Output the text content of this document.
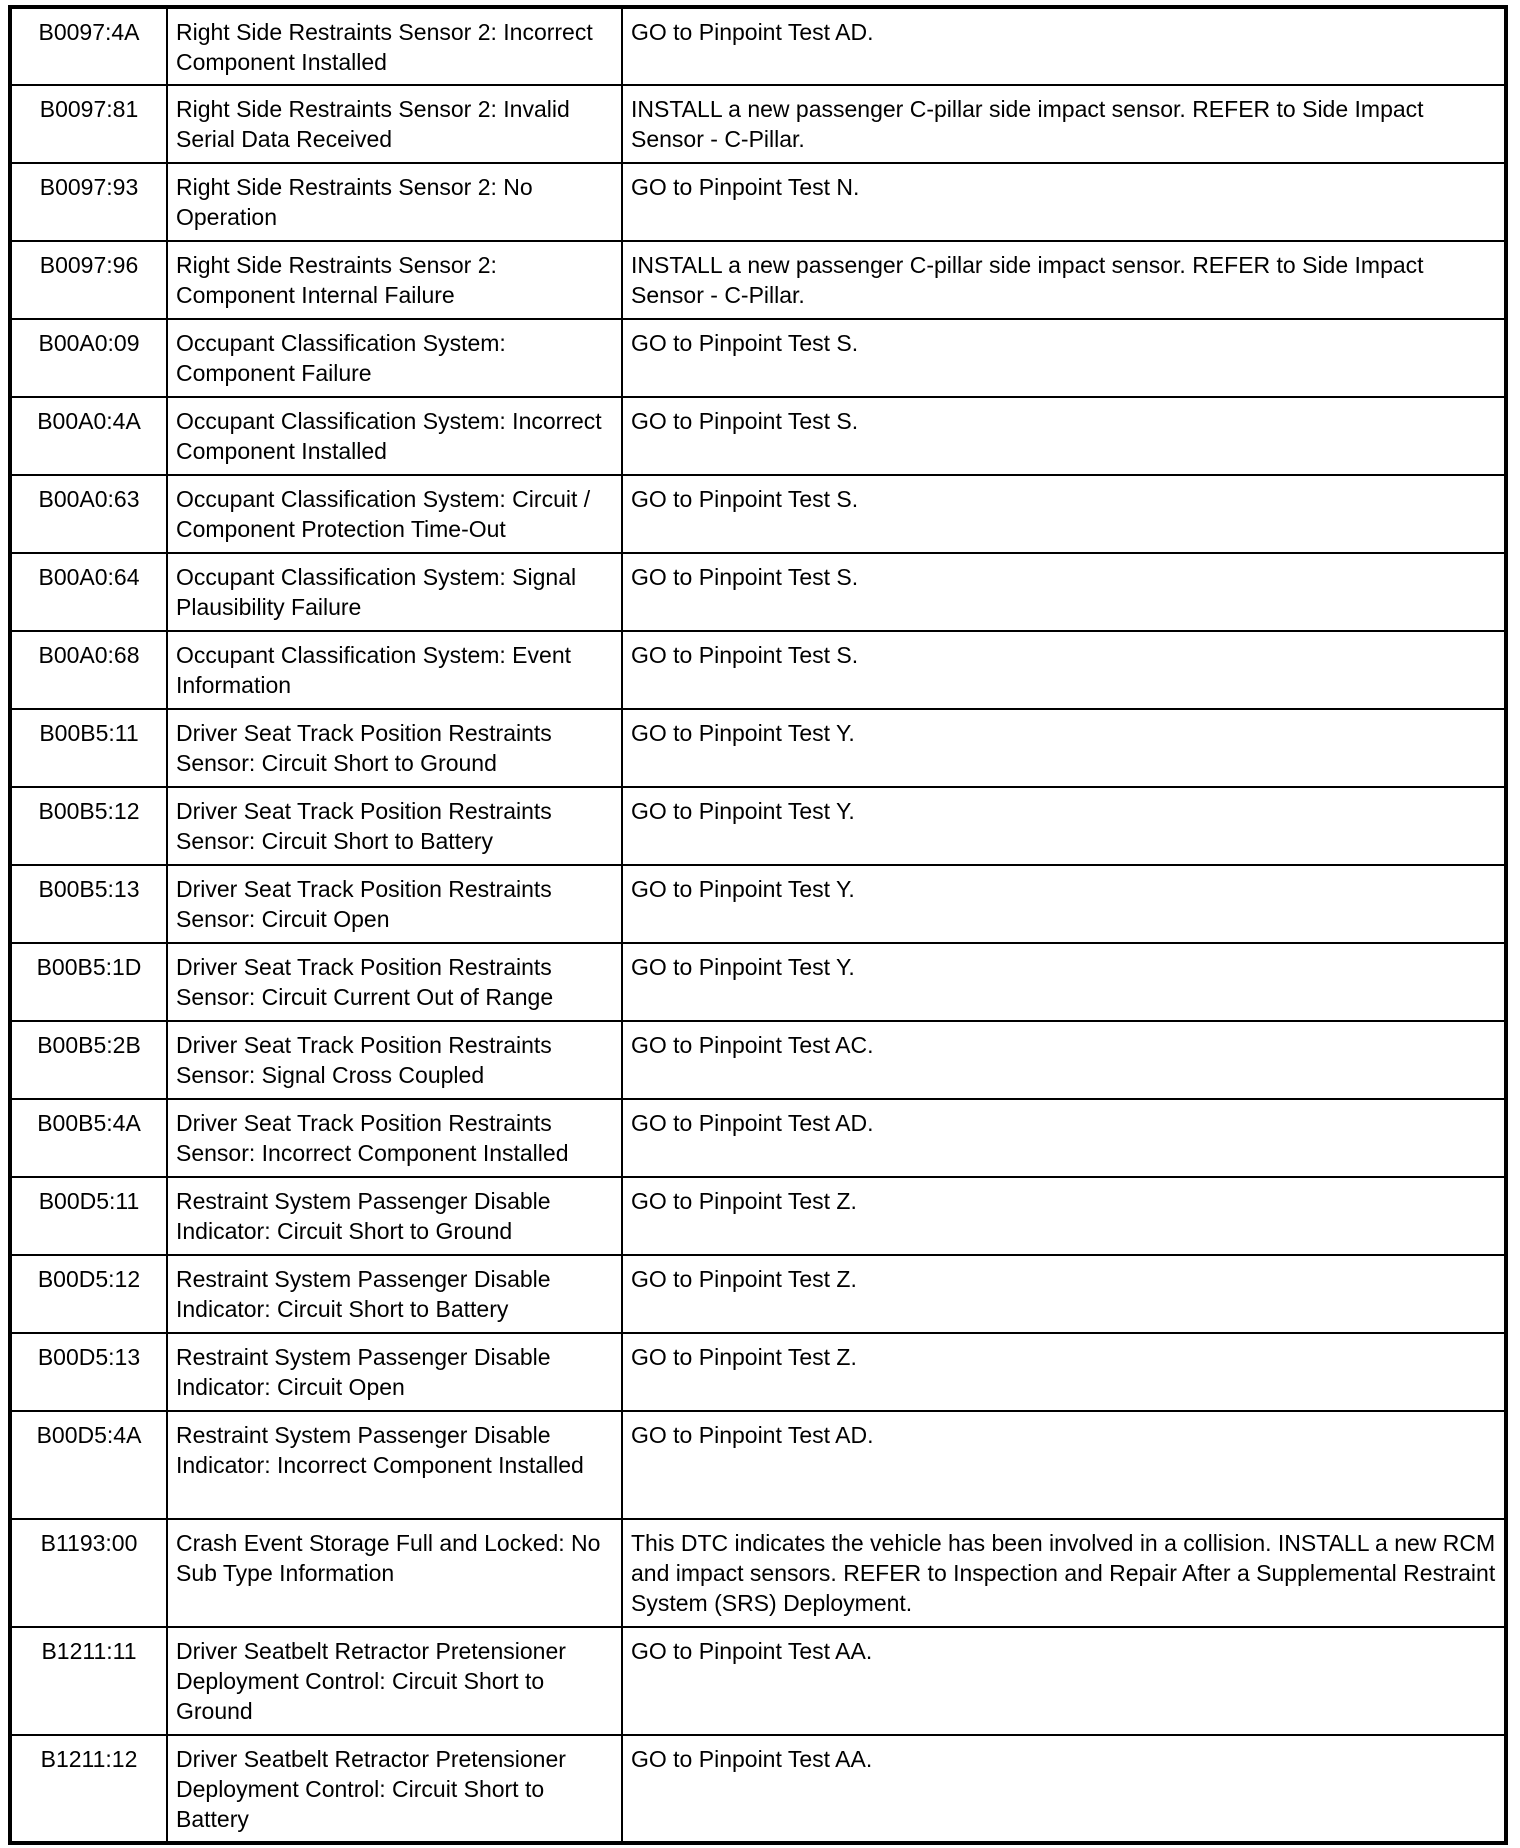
B0097:4A	Right Side Restraints Sensor 2: Incorrect Component Installed	GO to Pinpoint Test AD.
B0097:81	Right Side Restraints Sensor 2: Invalid Serial Data Received	INSTALL a new passenger C-pillar side impact sensor. REFER to Side Impact Sensor - C-Pillar.
B0097:93	Right Side Restraints Sensor 2: No Operation	GO to Pinpoint Test N.
B0097:96	Right Side Restraints Sensor 2: Component Internal Failure	INSTALL a new passenger C-pillar side impact sensor. REFER to Side Impact Sensor - C-Pillar.
B00A0:09	Occupant Classification System: Component Failure	GO to Pinpoint Test S.
B00A0:4A	Occupant Classification System: Incorrect Component Installed	GO to Pinpoint Test S.
B00A0:63	Occupant Classification System: Circuit / Component Protection Time-Out	GO to Pinpoint Test S.
B00A0:64	Occupant Classification System: Signal Plausibility Failure	GO to Pinpoint Test S.
B00A0:68	Occupant Classification System: Event Information	GO to Pinpoint Test S.
B00B5:11	Driver Seat Track Position Restraints Sensor: Circuit Short to Ground	GO to Pinpoint Test Y.
B00B5:12	Driver Seat Track Position Restraints Sensor: Circuit Short to Battery	GO to Pinpoint Test Y.
B00B5:13	Driver Seat Track Position Restraints Sensor: Circuit Open	GO to Pinpoint Test Y.
B00B5:1D	Driver Seat Track Position Restraints Sensor: Circuit Current Out of Range	GO to Pinpoint Test Y.
B00B5:2B	Driver Seat Track Position Restraints Sensor: Signal Cross Coupled	GO to Pinpoint Test AC.
B00B5:4A	Driver Seat Track Position Restraints Sensor: Incorrect Component Installed	GO to Pinpoint Test AD.
B00D5:11	Restraint System Passenger Disable Indicator: Circuit Short to Ground	GO to Pinpoint Test Z.
B00D5:12	Restraint System Passenger Disable Indicator: Circuit Short to Battery	GO to Pinpoint Test Z.
B00D5:13	Restraint System Passenger Disable Indicator: Circuit Open	GO to Pinpoint Test Z.
B00D5:4A	Restraint System Passenger Disable Indicator: Incorrect Component Installed	GO to Pinpoint Test AD.
B1193:00	Crash Event Storage Full and Locked: No Sub Type Information	This DTC indicates the vehicle has been involved in a collision. INSTALL a new RCM and impact sensors. REFER to Inspection and Repair After a Supplemental Restraint System (SRS) Deployment.
B1211:11	Driver Seatbelt Retractor Pretensioner Deployment Control: Circuit Short to Ground	GO to Pinpoint Test AA.
B1211:12	Driver Seatbelt Retractor Pretensioner Deployment Control: Circuit Short to Battery	GO to Pinpoint Test AA.
